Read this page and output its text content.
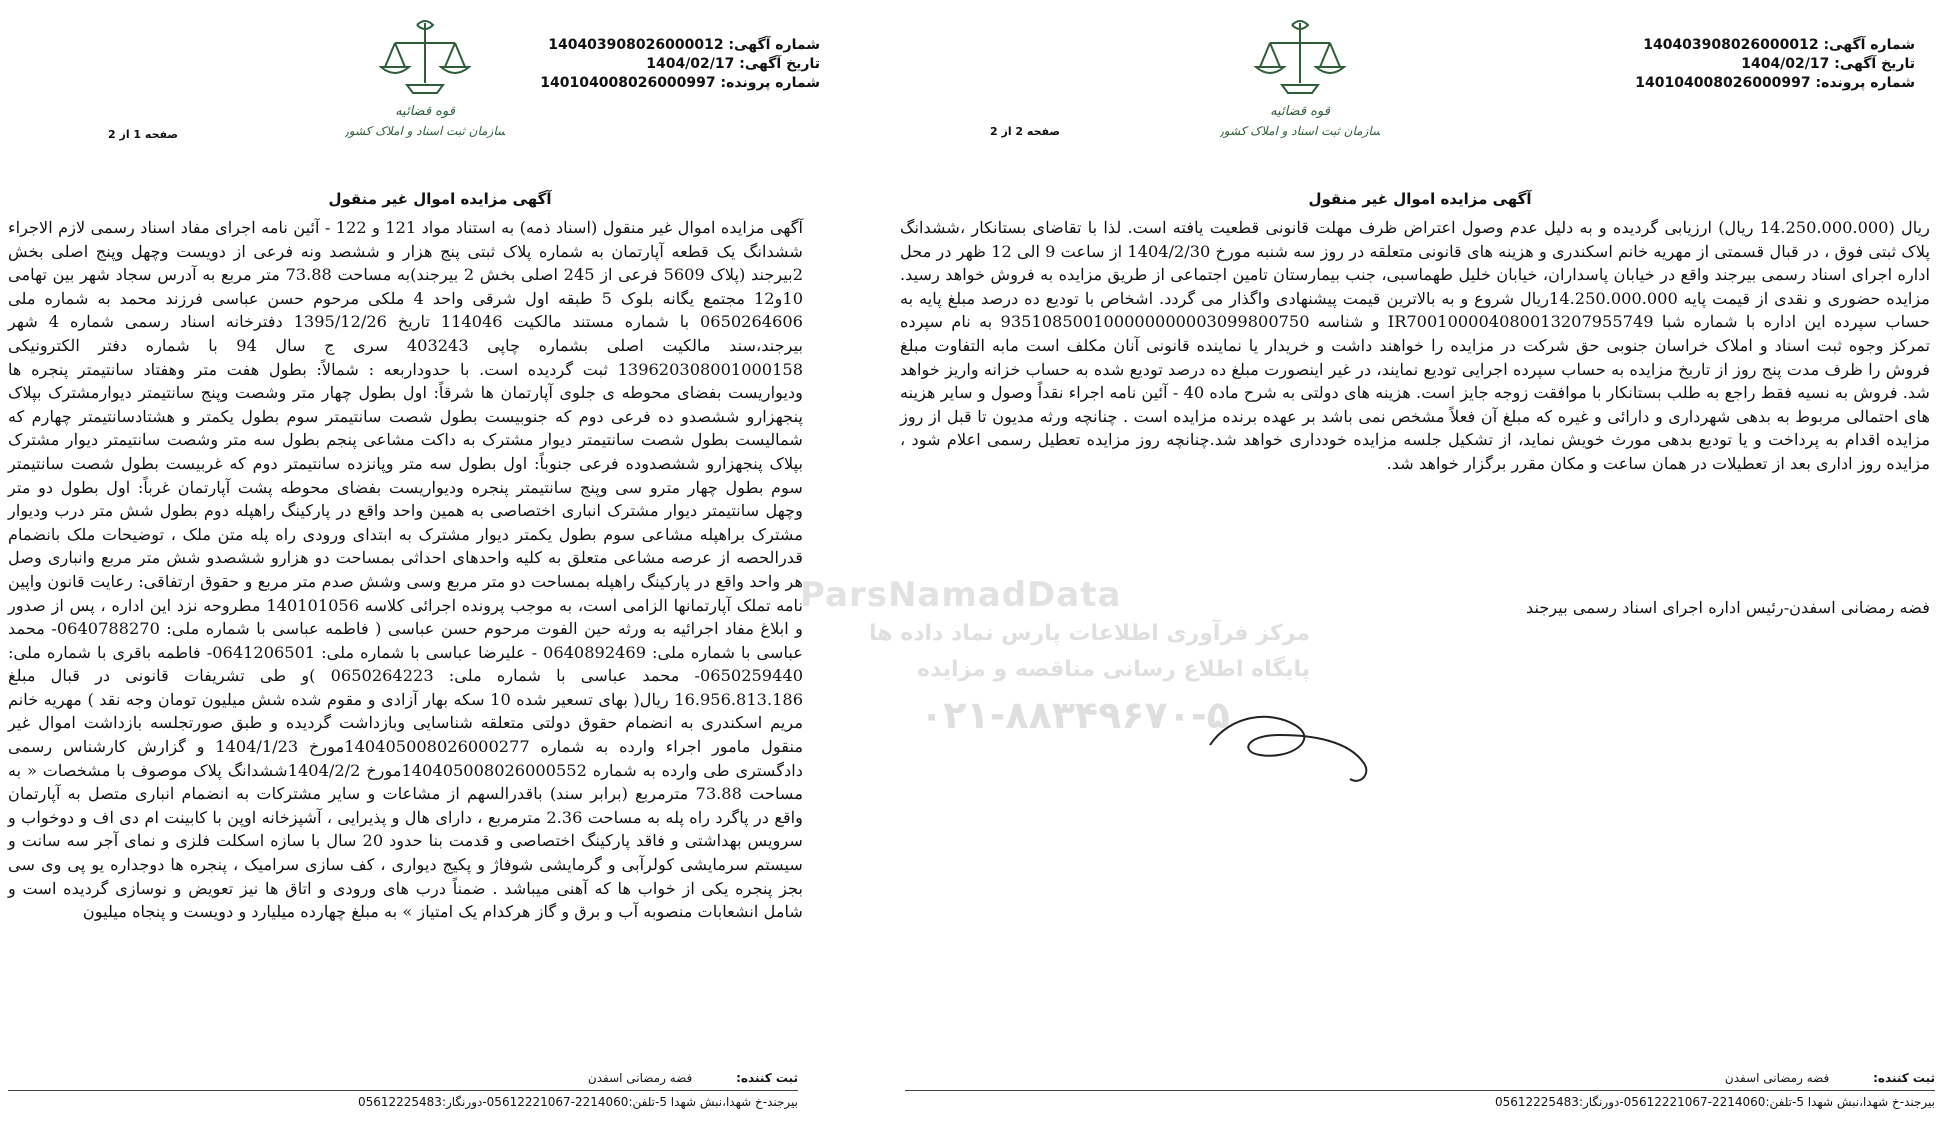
شماره آگهی: 140403908026000012
تاریخ آگهی: 1404/02/17
شماره پرونده: 140104008026000997
قوه قضائیه
سازمان ثبت اسناد و املاک کشور
صفحه 1 از 2
آگهی مزایده اموال غیر منقول
آگهی مزایده اموال غیر منقول (اسناد ذمه) به استناد مواد 121 و 122 - آئین نامه اجرای مفاد اسناد رسمی لازم الاجراء ششدانگ یک قطعه آپارتمان به شماره پلاک ثبتی پنج هزار و ششصد ونه فرعی از دویست وچهل وپنج اصلی بخش 2بیرجند (پلاک 5609 فرعی از 245 اصلی بخش 2 بیرجند)به مساحت 73.88 متر مربع به آدرس سجاد شهر بین تهامی 10و12 مجتمع یگانه بلوک 5 طبقه اول شرقی واحد 4 ملکی مرحوم حسن عباسی فرزند محمد به شماره ملی 0650264606 با شماره مستند مالکیت 114046 تاریخ 1395/12/26 دفترخانه اسناد رسمی شماره 4 شهر بیرجند،سند مالکیت اصلی بشماره چاپی 403243 سری ج سال 94 با شماره دفتر الکترونیکی 139620308001000158 ثبت گردیده است. با حدوداربعه : شمالاً: بطول هفت متر وهفتاد سانتیمتر پنجره ها ودیواریست بفضای محوطه ی جلوی آپارتمان ها شرقاً: اول بطول چهار متر وشصت وپنج سانتیمتر دیوارمشترک بپلاک پنجهزارو ششصدو ده فرعی دوم که جنوبیست بطول شصت سانتیمتر سوم بطول یکمتر و هشتادسانتیمتر چهارم که شمالیست بطول شصت سانتیمتر دیوار مشترک به داکت مشاعی پنجم بطول سه متر وشصت سانتیمتر دیوار مشترک بپلاک پنجهزارو ششصدوده فرعی جنوباً: اول بطول سه متر وپانزده سانتیمتر دوم که غربیست بطول شصت سانتیمتر سوم بطول چهار مترو سی وپنج سانتیمتر پنجره ودیواریست بفضای محوطه پشت آپارتمان غرباً: اول بطول دو متر وچهل سانتیمتر دیوار مشترک انباری اختصاصی به همین واحد واقع در پارکینگ راهپله دوم بطول شش متر درب ودیوار مشترک براهپله مشاعی سوم بطول یکمتر دیوار مشترک به ابتدای ورودی راه پله متن ملک ، توضیحات ملک بانضمام قدرالحصه از عرصه مشاعی متعلق به کلیه واحدهای احداثی بمساحت دو هزارو ششصدو شش متر مربع وانباری وصل هر واحد واقع در پارکینگ راهپله بمساحت دو متر مربع وسی وشش صدم متر مربع و حقوق ارتفاقی: رعایت قانون واپین نامه تملک آپارتمانها الزامی است، به موجب پرونده اجرائی کلاسه 140101056 مطروحه نزد این اداره ، پس از صدور و ابلاغ مفاد اجرائیه به ورثه حین الفوت مرحوم حسن عباسی ( فاطمه عباسی با شماره ملی: 0640788270- محمد عباسی با شماره ملی: 0640892469 - علیرضا عباسی با شماره ملی: 0641206501- فاطمه باقری با شماره ملی: 0650259440- محمد عباسی با شماره ملی: 0650264223 )و طی تشریفات قانونی در قبال مبلغ 16.956.813.186 ریال( بهای تسعیر شده 10 سکه بهار آزادی و مقوم شده شش میلیون تومان وجه نقد ) مهریه خانم مریم اسکندری به انضمام حقوق دولتی متعلقه شناسایی وبازداشت گردیده و طبق صورتجلسه بازداشت اموال غیر منقول مامور اجراء وارده به شماره 140405008026000277مورخ 1404/1/23 و گزارش کارشناس رسمی دادگستری طی وارده به شماره 140405008026000552مورخ 1404/2/2ششدانگ پلاک موصوف با مشخصات « به مساحت 73.88 مترمربع (برابر سند) باقدرالسهم از مشاعات و سایر مشترکات به انضمام انباری متصل به آپارتمان واقع در پاگرد راه پله به مساحت 2.36 مترمربع ، دارای هال و پذیرایی ، آشپزخانه اوپن با کابینت ام دی اف و دوخواب و سرویس بهداشتی و فاقد پارکینگ اختصاصی و قدمت بنا حدود 20 سال با سازه اسکلت فلزی و نمای آجر سه سانت و سیستم سرمایشی کولرآبی و گرمایشی شوفاژ و پکیج دیواری ، کف سازی سرامیک ، پنجره ها دوجداره یو پی وی سی بجز پنجره یکی از خواب ها که آهنی میباشد . ضمناً درب های ورودی و اتاق ها نیز تعویض و نوسازی گردیده است و شامل انشعابات منصوبه آب و برق و گاز هرکدام یک امتیاز » به مبلغ چهارده میلیارد و دویست و پنجاه میلیون
ثبت کننده: فضه رمضانی اسفدن
بیرجند-خ شهدا،نبش شهدا 5-تلفن:2214060-05612221067-دورنگار:05612225483
شماره آگهی: 140403908026000012
تاریخ آگهی: 1404/02/17
شماره پرونده: 140104008026000997
قوه قضائیه
سازمان ثبت اسناد و املاک کشور
صفحه 2 از 2
آگهی مزایده اموال غیر منقول
ریال (14.250.000.000 ریال) ارزیابی گردیده و به دلیل عدم وصول اعتراض ظرف مهلت قانونی قطعیت یافته است. لذا با تقاضای بستانکار ،ششدانگ پلاک ثبتی فوق ، در قبال قسمتی از مهریه خانم اسکندری و هزینه های قانونی متعلقه در روز سه شنبه مورخ 1404/2/30 از ساعت 9 الی 12 ظهر در محل اداره اجرای اسناد رسمی بیرجند واقع در خیابان پاسداران، خیابان خلیل طهماسبی، جنب بیمارستان تامین اجتماعی از طریق مزایده به فروش خواهد رسید. مزایده حضوری و نقدی از قیمت پایه 14.250.000.000ریال شروع و به بالاترین قیمت پیشنهادی واگذار می گردد. اشخاص با تودیع ده درصد مبلغ پایه به حساب سپرده این اداره با شماره شبا IR700100004080013207955749 و شناسه 935108500100000000003099800750 به نام سپرده تمرکز وجوه ثبت اسناد و املاک خراسان جنوبی حق شرکت در مزایده را خواهند داشت و خریدار یا نماینده قانونی آنان مکلف است مابه التفاوت مبلغ فروش را ظرف مدت پنج روز از تاریخ مزایده به حساب سپرده اجرایی تودیع نمایند، در غیر اینصورت مبلغ ده درصد تودیع شده به حساب خزانه واریز خواهد شد. فروش به نسیه فقط راجع به طلب بستانکار با موافقت زوجه جایز است. هزینه های دولتی به شرح ماده 40 - آئین نامه اجراء نقداً وصول و سایر هزینه های احتمالی مربوط به بدهی شهرداری و دارائی و غیره که مبلغ آن فعلاً مشخص نمی باشد بر عهده برنده مزایده است . چنانچه ورثه مدیون تا قبل از روز مزایده اقدام به پرداخت و یا تودیع بدهی مورث خویش نماید، از تشکیل جلسه مزایده خودداری خواهد شد.چنانچه روز مزایده تعطیل رسمی اعلام شود ، مزایده روز اداری بعد از تعطیلات در همان ساعت و مکان مقرر برگزار خواهد شد.
فضه رمضانی اسفدن-رئیس اداره اجرای اسناد رسمی بیرجند
ثبت کننده: فضه رمضانی اسفدن
بیرجند-خ شهدا،نبش شهدا 5-تلفن:2214060-05612221067-دورنگار:05612225483
ParsNamadData
مرکز فرآوری اطلاعات پارس نماد داده ها
پایگاه اطلاع رسانی مناقصه و مزایده
۰۲۱-۸۸۳۴۹۶۷۰-۵
